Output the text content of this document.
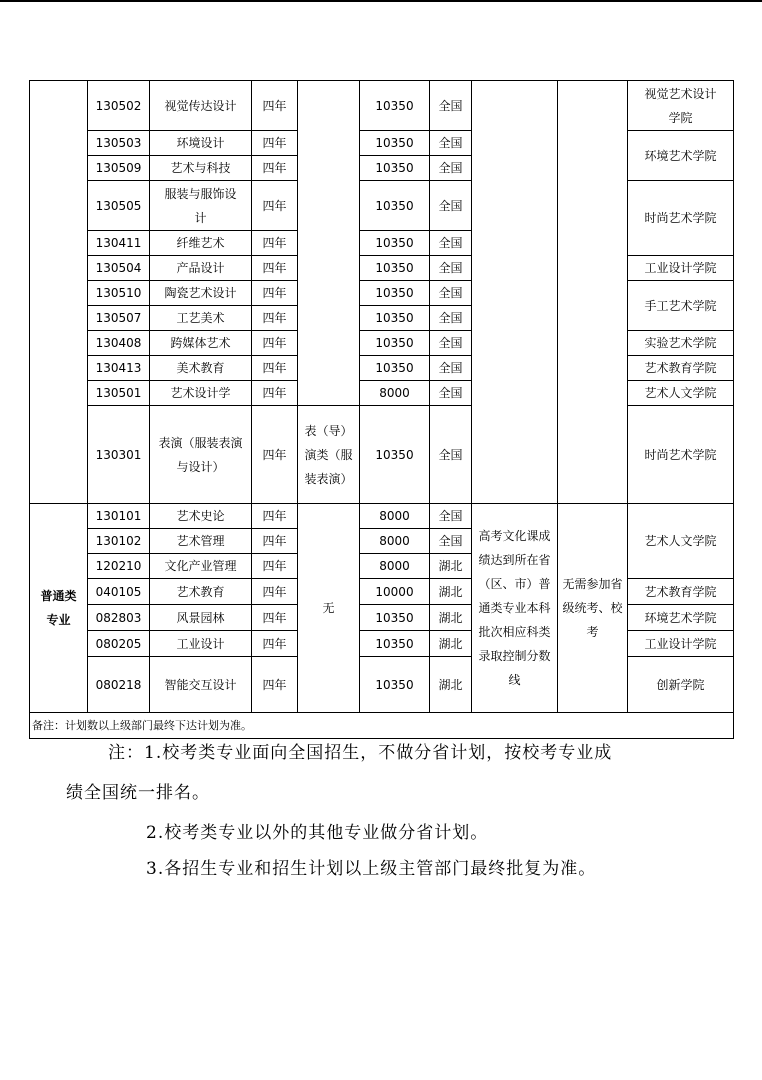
	130502	视觉传达设计	四年		10350	全国			视觉艺术设计学院

	130503	环境设计	四年		10350	全国			环境艺术学院
	130509	艺术与科技	四年		10350	全国			
	130505	服装与服饰设计	四年		10350	全国			时尚艺术学院
	130411	纤维艺术	四年		10350	全国			
	130504	产品设计	四年		10350	全国			工业设计学院
	130510	陶瓷艺术设计	四年		10350	全国			手工艺术学院
	130507	工艺美术	四年		10350	全国			
	130408	跨媒体艺术	四年		10350	全国			实验艺术学院
	130413	美术教育	四年		10350	全国			艺术教育学院
	130501	艺术设计学	四年		8000	全国			艺术人文学院
	130301	表演（服装表演与设计）	四年	表（导）演类（服装表演）	10350	全国			时尚艺术学院

普通类专业	130101	艺术史论	四年	无	8000	全国	高考文化课成绩达到所在省（区、市）普通类专业本科批次相应科类录取控制分数线	无需参加省级统考、校考	艺术人文学院
	130102	艺术管理	四年		8000	全国			
	120210	文化产业管理	四年		8000	湖北			
	040105	艺术教育	四年		10000	湖北			艺术教育学院
	082803	风景园林	四年		10350	湖北			环境艺术学院
	080205	工业设计	四年		10350	湖北			工业设计学院
	080218	智能交互设计	四年		10350	湖北			创新学院
备注：计划数以上级部门最终下达计划为准。									

注：1.校考类专业面向全国招生，不做分省计划，按校考专业成

绩全国统一排名。

2.校考类专业以外的其他专业做分省计划。

3.各招生专业和招生计划以上级主管部门最终批复为准。
